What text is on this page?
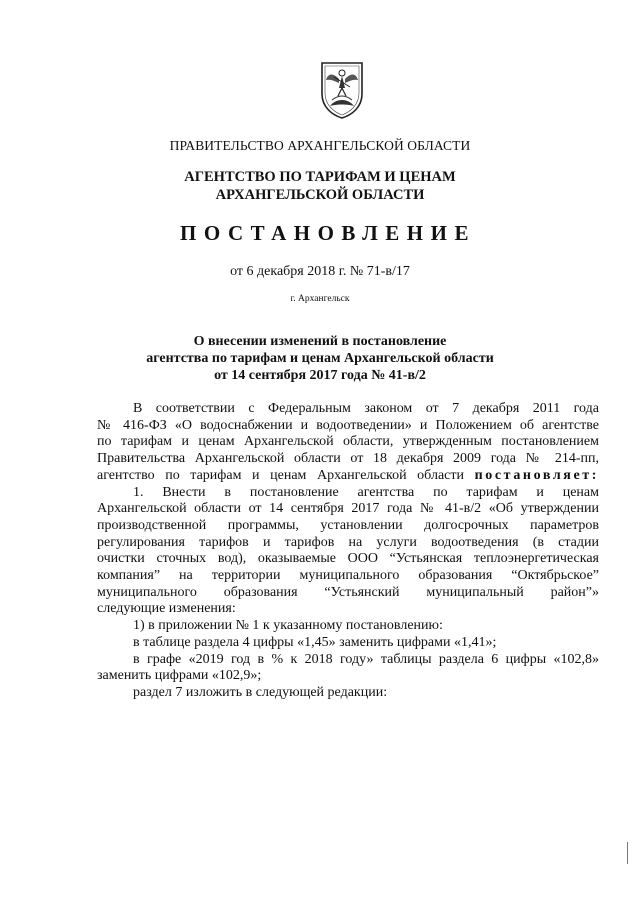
ПРАВИТЕЛЬСТВО АРХАНГЕЛЬСКОЙ ОБЛАСТИ
АГЕНТСТВО ПО ТАРИФАМ И ЦЕНАМ
АРХАНГЕЛЬСКОЙ ОБЛАСТИ
ПОСТАНОВЛЕНИЕ
от 6 декабря 2018 г. № 71-в/17
г. Архангельск
О внесении изменений в постановление
агентства по тарифам и ценам Архангельской области
от 14 сентября 2017 года № 41-в/2

В соответствии с Федеральным законом от 7 декабря 2011 года

№ 416-ФЗ «О водоснабжении и водоотведении» и Положением об агентстве

по тарифам и ценам Архангельской области, утвержденным постановлением

Правительства Архангельской области от 18 декабря 2009 года № 214-пп,

агентство по тарифам и ценам Архангельской области постановляет:

1. Внести в постановление агентства по тарифам и ценам

Архангельской области от 14 сентября 2017 года № 41-в/2 «Об утверждении

производственной программы, установлении долгосрочных параметров

регулирования тарифов и тарифов на услуги водоотведения (в стадии

очистки сточных вод), оказываемые ООО “Устьянская теплоэнергетическая

компания” на территории муниципального образования “Октябрьское”

муниципального образования “Устьянский муниципальный район”»

следующие изменения:

1) в приложении № 1 к указанному постановлению:

в таблице раздела 4 цифры «1,45» заменить цифрами «1,41»;

в графе «2019 год в % к 2018 году» таблицы раздела 6 цифры «102,8»

заменить цифрами «102,9»;

раздел 7 изложить в следующей редакции:
